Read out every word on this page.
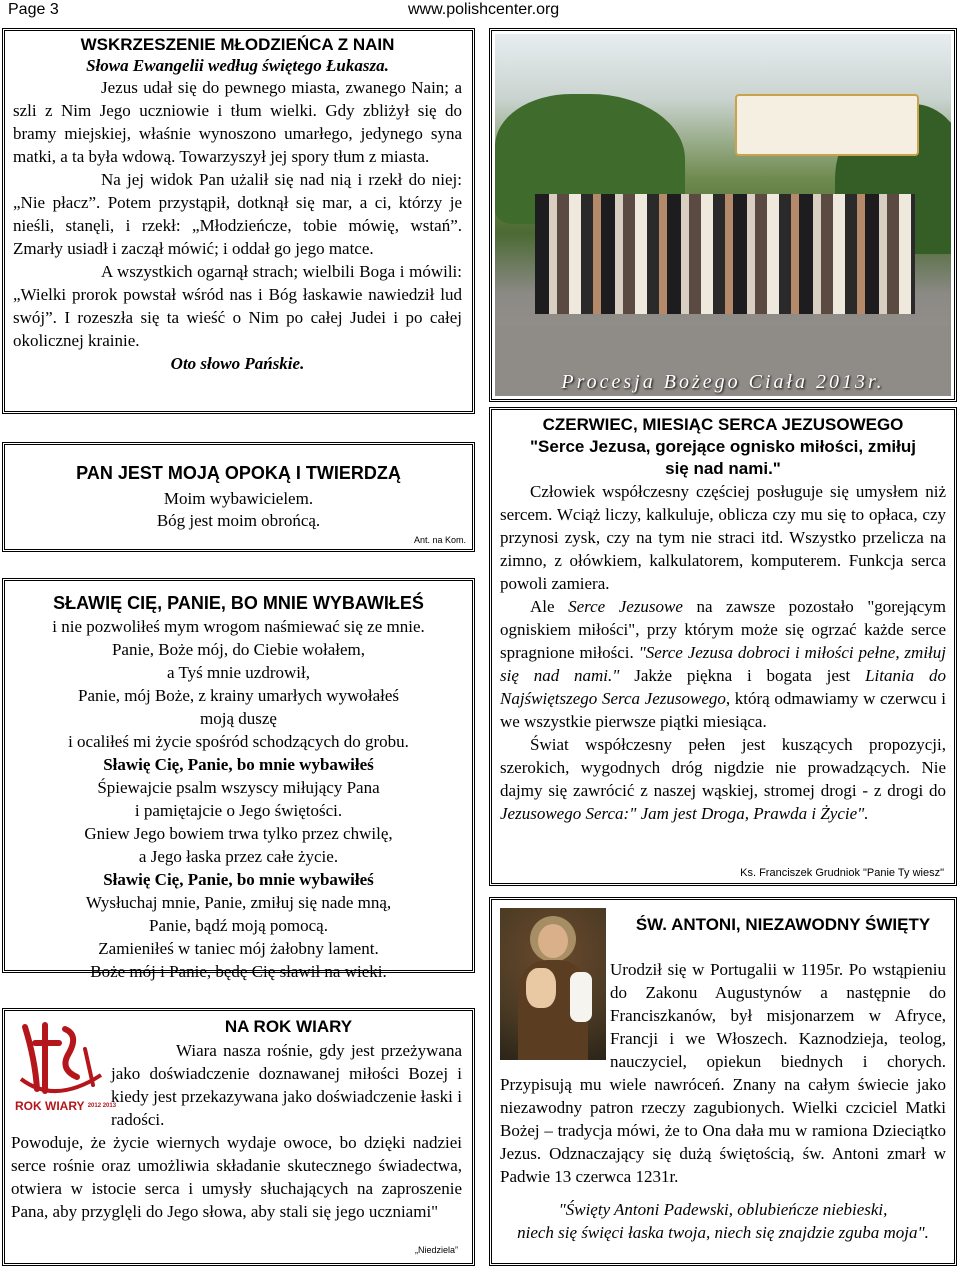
Page 3	www.polishcenter.org
WSKRZESZENIE MŁODZIEŃCA Z NAIN
Słowa Ewangelii według świętego Łukasza.

Jezus udał się do pewnego miasta, zwanego Nain; a szli z Nim Jego uczniowie i tłum wielki. Gdy zbliżył się do bramy miejskiej, właśnie wynoszono umarłego, jedynego syna matki, a ta była wdową. Towarzyszył jej spory tłum z miasta.

Na jej widok Pan użalił się nad nią i rzekł do niej: „Nie płacz”. Potem przystąpił, dotknął się mar, a ci, którzy je nieśli, stanęli, i rzekł: „Młodzieńcze, tobie mówię, wstań”. Zmarły usiadł i zaczął mówić; i oddał go jego matce.

A wszystkich ogarnął strach; wielbili Boga i mówili: „Wielki prorok powstał wśród nas i Bóg łaskawie nawiedził lud swój”. I rozeszła się ta wieść o Nim po całej Judei i po całej okolicznej krainie.

Oto słowo Pańskie.
PAN JEST MOJĄ OPOKĄ I TWIERDZĄ
Moim wybawicielem.
Bóg jest moim obrońcą.
Ant. na Kom.
SŁAWIĘ CIĘ, PANIE, BO MNIE WYBAWIŁEŚ
i nie pozwoliłeś mym wrogom naśmiewać się ze mnie.
Panie, Boże mój, do Ciebie wołałem,
a Tyś mnie uzdrowił,
Panie, mój Boże, z krainy umarłych wywołałeś
moją duszę
i ocaliłeś mi życie spośród schodzących do grobu.
Sławię Cię, Panie, bo mnie wybawiłeś
Śpiewajcie psalm wszyscy miłujący Pana
i pamiętajcie o Jego świętości.
Gniew Jego bowiem trwa tylko przez chwilę,
a Jego łaska przez całe życie.
Sławię Cię, Panie, bo mnie wybawiłeś
Wysłuchaj mnie, Panie, zmiłuj się nade mną,
Panie, bądź moją pomocą.
Zamieniłeś w taniec mój żałobny lament.
Boże mój i Panie, będę Cię sławił na wieki.
ROK WIARY 2012 2013
NA ROK WIARY

Wiara nasza rośnie, gdy jest przeżywana jako doświadczenie doznawanej miłości Bozej i kiedy jest przekazywana jako doświadczenie łaski i radości.

Powoduje, że życie wiernych wydaje owoce, bo dzięki nadziei serce rośnie oraz umożliwia składanie skutecznego świadectwa, otwiera w istocie serca i umysły słuchających na zaproszenie Pana, aby przyglęli do Jego słowa, aby stali się jego uczniami"

„Niedziela”
Procesja Bożego Ciała 2013r.
CZERWIEC, MIESIĄC SERCA JEZUSOWEGO
"Serce Jezusa, gorejące ognisko miłości, zmiłuj się nad nami."

Człowiek współczesny częściej posługuje się umysłem niż sercem. Wciąż liczy, kalkuluje, oblicza czy mu się to opłaca, czy przynosi zysk, czy na tym nie straci itd. Wszystko przelicza na zimno, z ołówkiem, kalkulatorem, komputerem. Funkcja serca powoli zamiera.

Ale Serce Jezusowe na zawsze pozostało "gorejącym ogniskiem miłości", przy którym może się ogrzać każde serce spragnione miłości. "Serce Jezusa dobroci i miłości pełne, zmiłuj się nad nami." Jakże piękna i bogata jest Litania do Najświętszego Serca Jezusowego, którą odmawiamy w czerwcu i we wszystkie pierwsze piątki miesiąca.

Świat współczesny pełen jest kuszących propozycji, szerokich, wygodnych dróg nigdzie nie prowadzących. Nie dajmy się zawrócić z naszej wąskiej, stromej drogi - z drogi do Jezusowego Serca:" Jam jest Droga, Prawda i Życie".

Ks. Franciszek Grudniok "Panie Ty wiesz"
ŚW. ANTONI, NIEZAWODNY ŚWIĘTY

Urodził się w Portugalii w 1195r. Po wstąpieniu do Zakonu Augustynów a następnie do Franciszkanów, był misjonarzem w Afryce, Francji i we Włoszech. Kaznodzieja, teolog, nauczyciel, opiekun biednych i chorych. Przypisują mu wiele nawróceń. Znany na całym świecie jako niezawodny patron rzeczy zagubionych. Wielki czciciel Matki Bożej – tradycja mówi, że to Ona dała mu w ramiona Dzieciątko Jezus. Odznaczający się dużą świętością, św. Antoni zmarł w Padwie 13 czerwca 1231r.

"Święty Antoni Padewski, oblubieńcze niebieski,
niech się święci łaska twoja, niech się znajdzie zguba moja".
